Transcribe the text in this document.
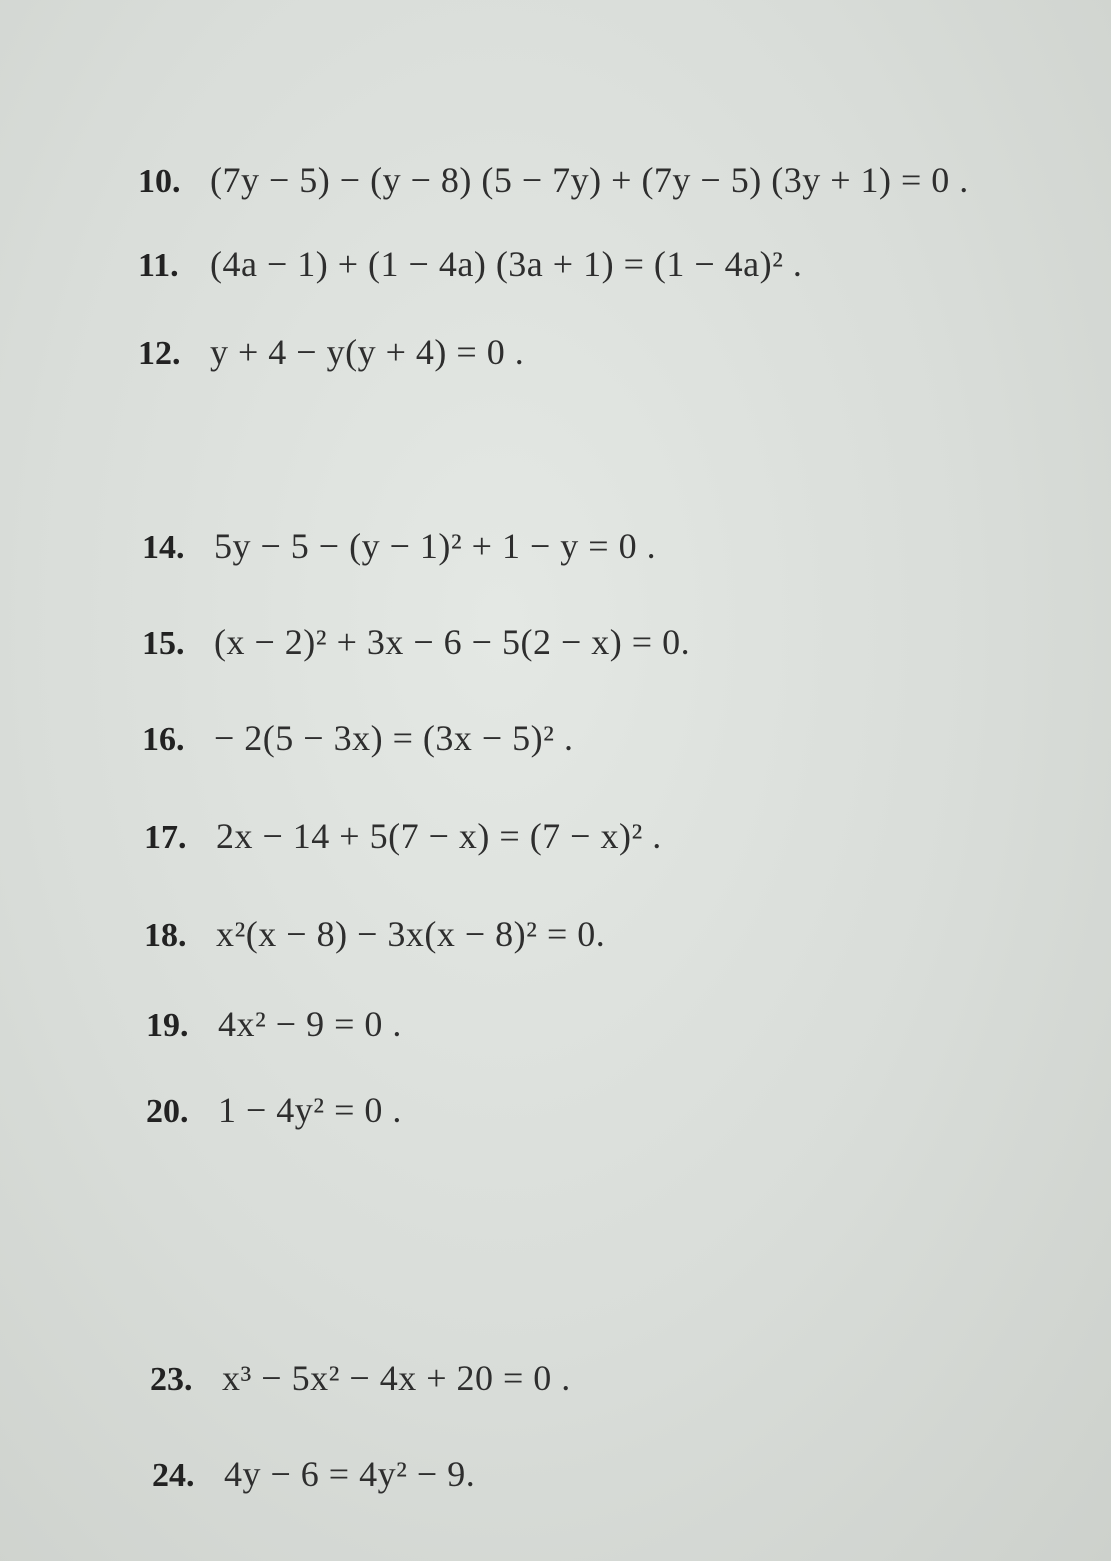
10. (7y − 5) − (y − 8) (5 − 7y) + (7y − 5) (3y + 1) = 0 .
11. (4a − 1) + (1 − 4a) (3a + 1) = (1 − 4a)² .
12. y + 4 − y(y + 4) = 0 .
14. 5y − 5 − (y − 1)² + 1 − y = 0 .
15. (x − 2)² + 3x − 6 − 5(2 − x) = 0.
16. − 2(5 − 3x) = (3x − 5)² .
17. 2x − 14 + 5(7 − x) = (7 − x)² .
18. x²(x − 8) − 3x(x − 8)² = 0.
19. 4x² − 9 = 0 .
20. 1 − 4y² = 0 .
23. x³ − 5x² − 4x + 20 = 0 .
24. 4y − 6 = 4y² − 9.
